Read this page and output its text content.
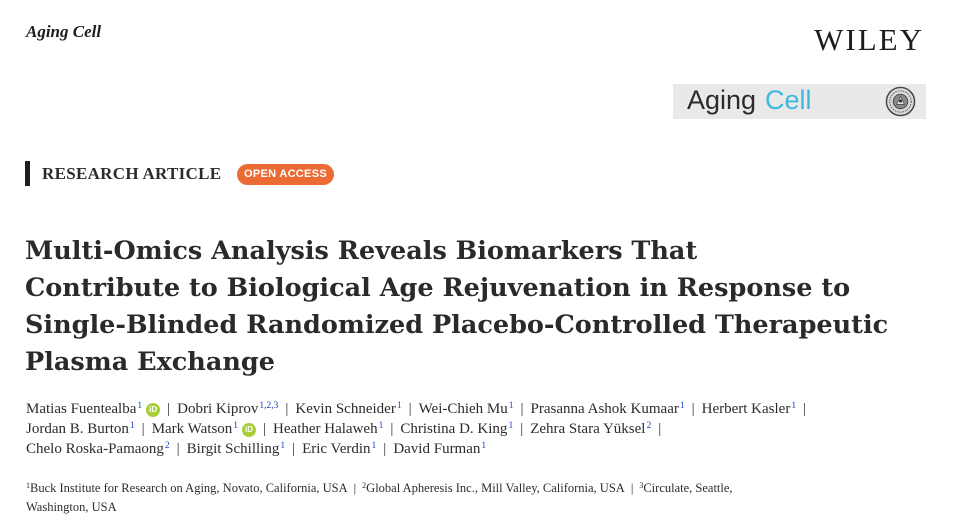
Aging Cell	WILEY
Aging Cell
RESEARCH ARTICLE	OPEN ACCESS
Multi-Omics Analysis Reveals Biomarkers That
Contribute to Biological Age Rejuvenation in Response to
Single-Blinded Randomized Placebo-Controlled Therapeutic
Plasma Exchange
Matias Fuentealba$^1$ iD | Dobri Kiprov$^{1,2,3}$ | Kevin Schneider$^1$ | Wei-Chieh Mu$^1$ | Prasanna Ashok Kumaar$^1$ | Herbert Kasler$^1$ |
Jordan B. Burton$^1$ | Mark Watson$^1$ iD | Heather Halaweh$^1$ | Christina D. King$^1$ | Zehra Stara Yüksel$^2$ |
Chelo Roska-Pamaong$^2$ | Birgit Schilling$^1$ | Eric Verdin$^1$ | David Furman$^1$
$^1$Buck Institute for Research on Aging, Novato, California, USA | $^2$Global Apheresis Inc., Mill Valley, California, USA | $^3$Circulate, Seattle,
Washington, USA
